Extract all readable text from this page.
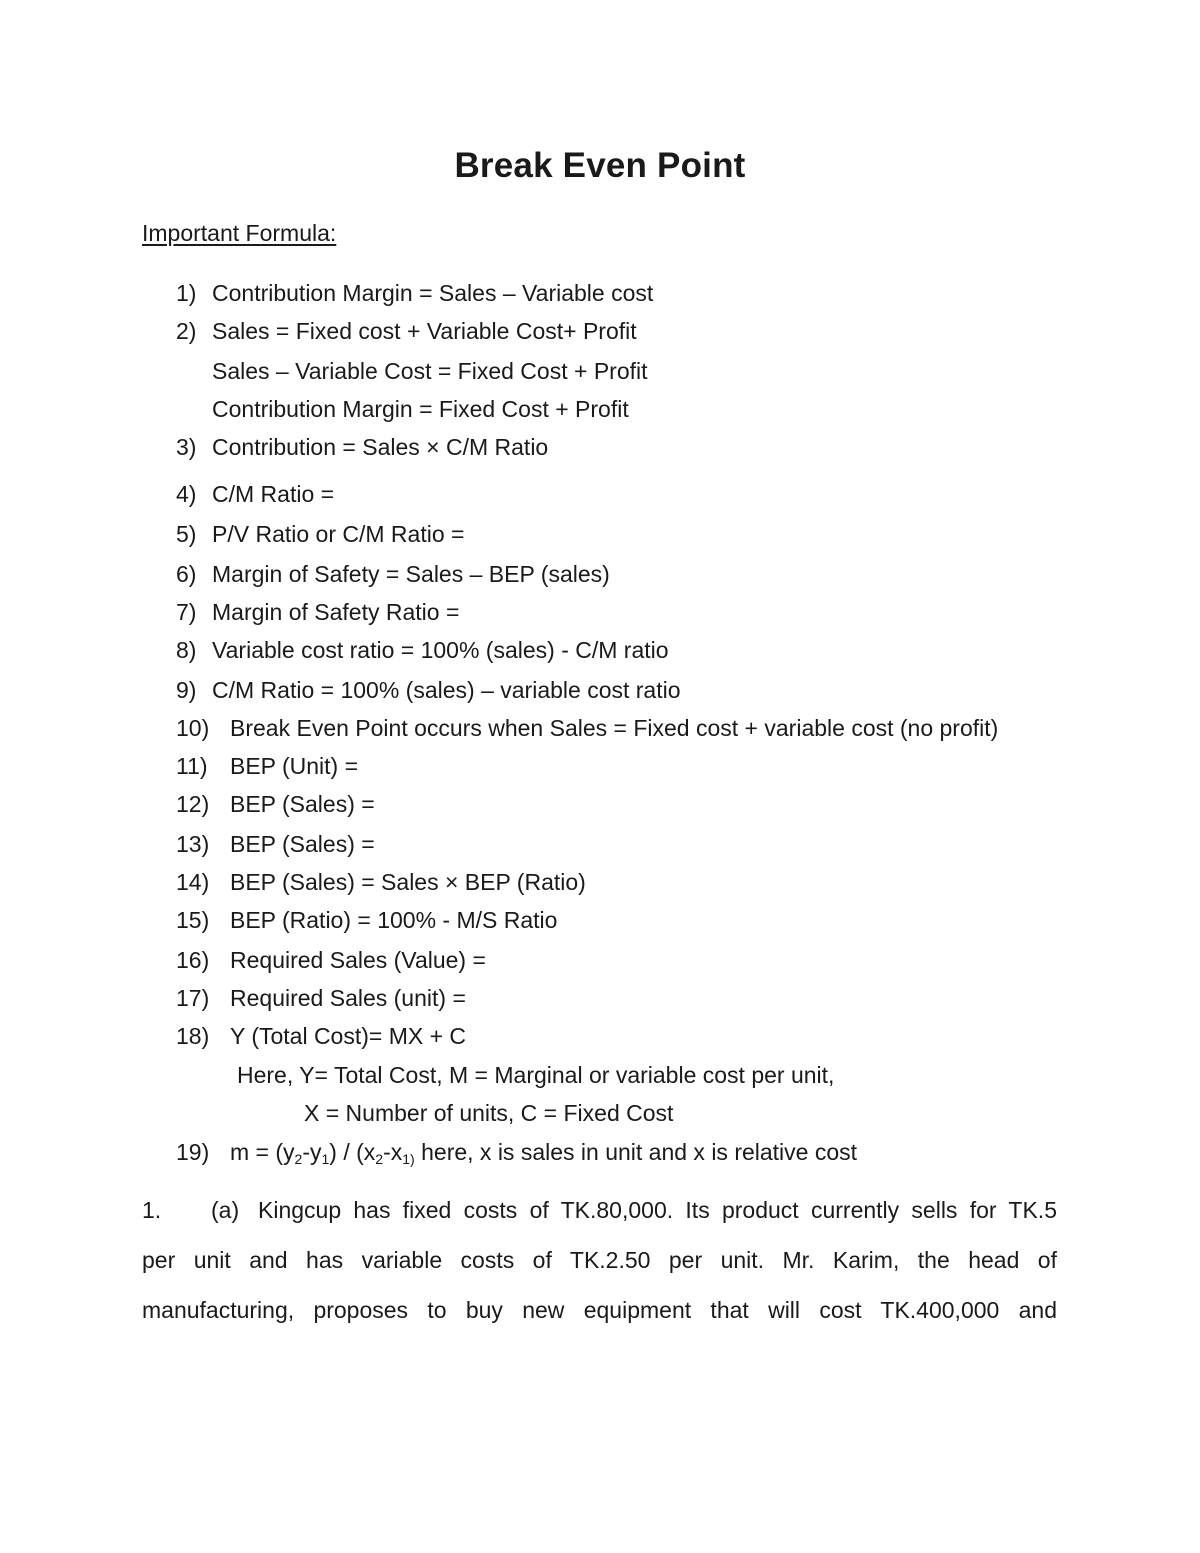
Break Even Point
Important Formula:
1) Contribution Margin = Sales – Variable cost
2) Sales = Fixed cost + Variable Cost+ Profit
Sales – Variable Cost = Fixed Cost + Profit
Contribution Margin = Fixed Cost + Profit
3) Contribution = Sales × C/M Ratio
4) C/M Ratio =
5) P/V Ratio or C/M Ratio =
6) Margin of Safety = Sales – BEP (sales)
7) Margin of Safety Ratio =
8) Variable cost ratio = 100% (sales) - C/M ratio
9) C/M Ratio = 100% (sales) – variable cost ratio
10) Break Even Point occurs when Sales = Fixed cost + variable cost (no profit)
11) BEP (Unit) =
12) BEP (Sales) =
13) BEP (Sales) =
14) BEP (Sales) = Sales × BEP (Ratio)
15) BEP (Ratio) = 100% - M/S Ratio
16) Required Sales (Value) =
17) Required Sales (unit) =
18) Y (Total Cost)= MX + C
Here, Y= Total Cost, M = Marginal or variable cost per unit,
X = Number of units, C = Fixed Cost
19) $m = (y_2-y_1) / (x_2-x_{1)}$ here, x is sales in unit and x is relative cost
1. (a) Kingcup has fixed costs of TK.80,000. Its product currently sells for TK.5
per unit and has variable costs of TK.2.50 per unit. Mr. Karim, the head of
manufacturing, proposes to buy new equipment that will cost TK.400,000 and
